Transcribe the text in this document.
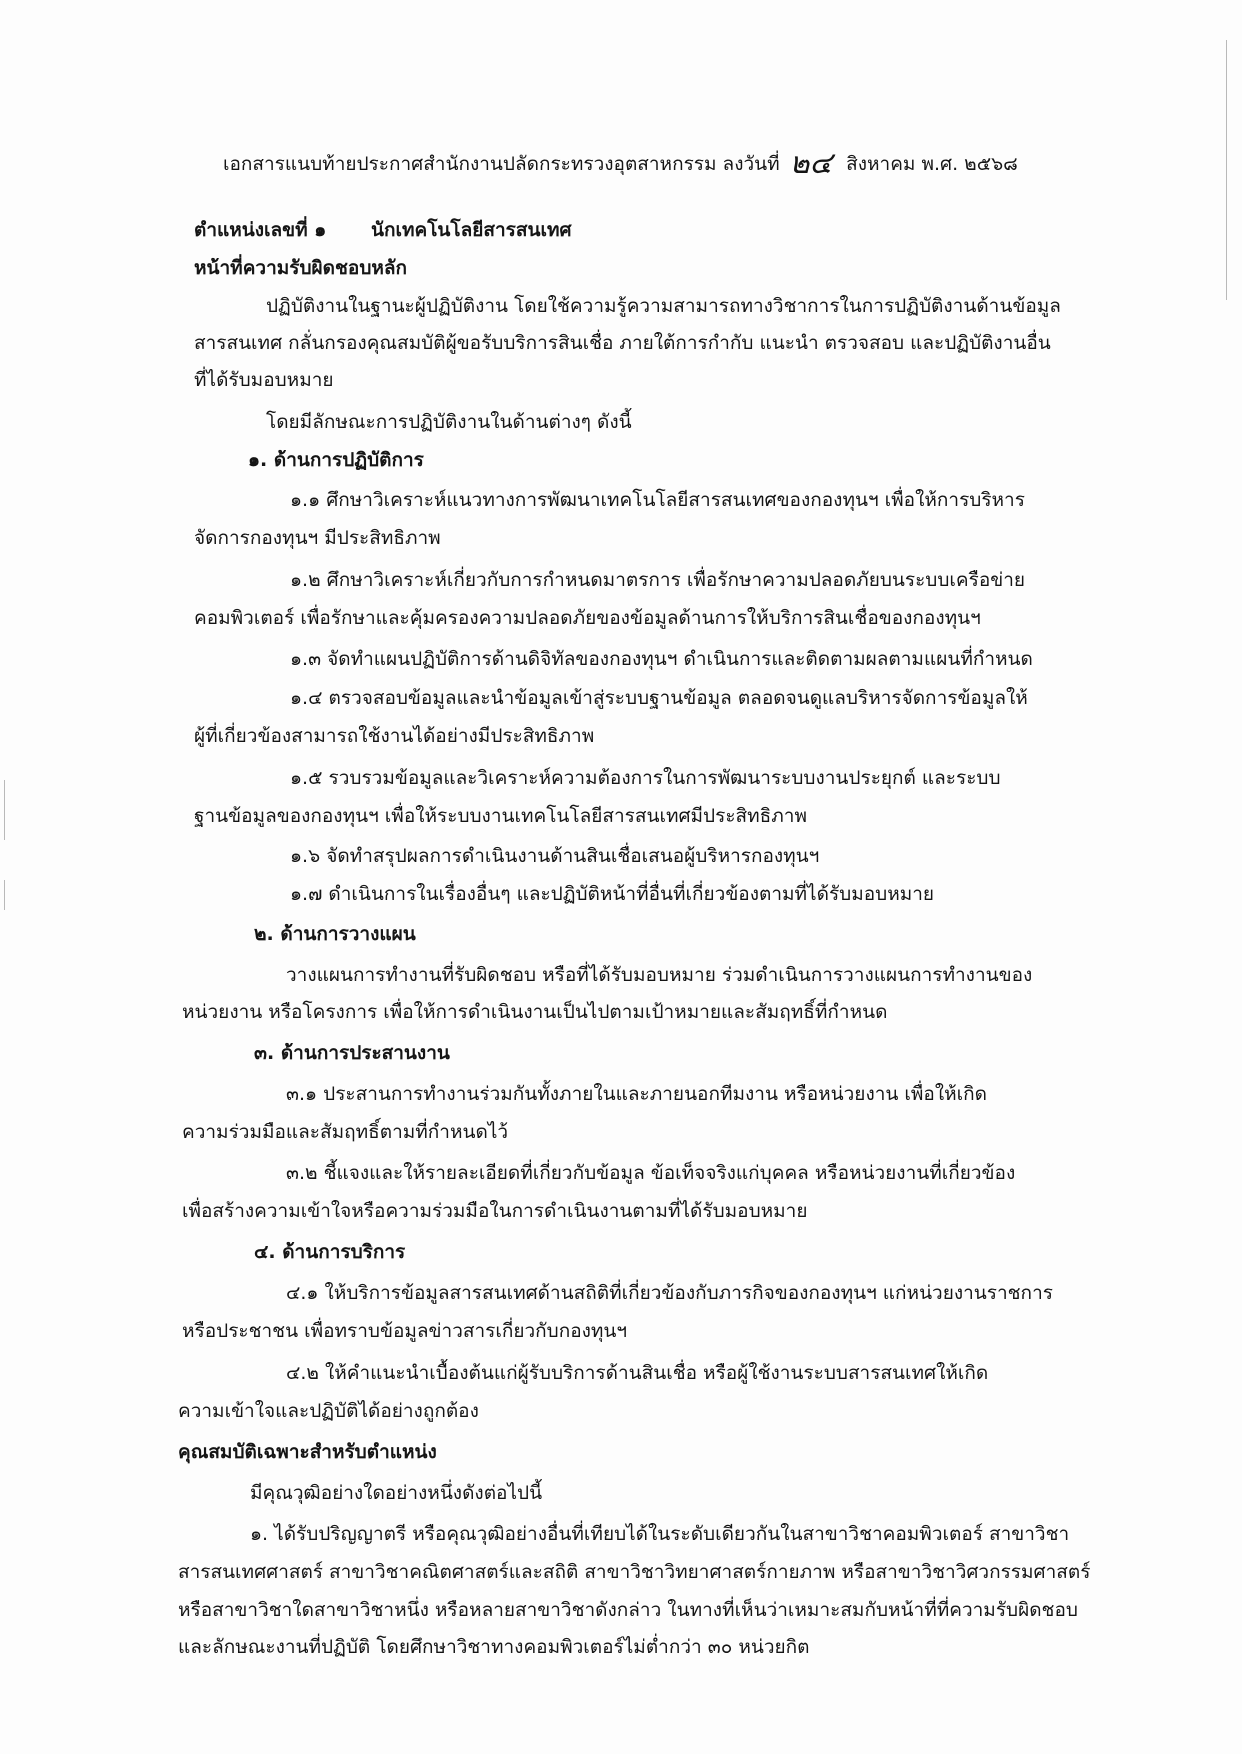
เอกสารแนบท้ายประกาศสำนักงานปลัดกระทรวงอุตสาหกรรม ลงวันที่ ๒๔ สิงหาคม พ.ศ. ๒๕๖๘
ตำแหน่งเลขที่ ๑ นักเทคโนโลยีสารสนเทศ
หน้าที่ความรับผิดชอบหลัก
ปฏิบัติงานในฐานะผู้ปฏิบัติงาน โดยใช้ความรู้ความสามารถทางวิชาการในการปฏิบัติงานด้านข้อมูล
สารสนเทศ กลั่นกรองคุณสมบัติผู้ขอรับบริการสินเชื่อ ภายใต้การกำกับ แนะนำ ตรวจสอบ และปฏิบัติงานอื่น
ที่ได้รับมอบหมาย
โดยมีลักษณะการปฏิบัติงานในด้านต่างๆ ดังนี้
๑. ด้านการปฏิบัติการ
๑.๑ ศึกษาวิเคราะห์แนวทางการพัฒนาเทคโนโลยีสารสนเทศของกองทุนฯ เพื่อให้การบริหาร
จัดการกองทุนฯ มีประสิทธิภาพ
๑.๒ ศึกษาวิเคราะห์เกี่ยวกับการกำหนดมาตรการ เพื่อรักษาความปลอดภัยบนระบบเครือข่าย
คอมพิวเตอร์ เพื่อรักษาและคุ้มครองความปลอดภัยของข้อมูลด้านการให้บริการสินเชื่อของกองทุนฯ
๑.๓ จัดทำแผนปฏิบัติการด้านดิจิทัลของกองทุนฯ ดำเนินการและติดตามผลตามแผนที่กำหนด
๑.๔ ตรวจสอบข้อมูลและนำข้อมูลเข้าสู่ระบบฐานข้อมูล ตลอดจนดูแลบริหารจัดการข้อมูลให้
ผู้ที่เกี่ยวข้องสามารถใช้งานได้อย่างมีประสิทธิภาพ
๑.๕ รวบรวมข้อมูลและวิเคราะห์ความต้องการในการพัฒนาระบบงานประยุกต์ และระบบ
ฐานข้อมูลของกองทุนฯ เพื่อให้ระบบงานเทคโนโลยีสารสนเทศมีประสิทธิภาพ
๑.๖ จัดทำสรุปผลการดำเนินงานด้านสินเชื่อเสนอผู้บริหารกองทุนฯ
๑.๗ ดำเนินการในเรื่องอื่นๆ และปฏิบัติหน้าที่อื่นที่เกี่ยวข้องตามที่ได้รับมอบหมาย
๒. ด้านการวางแผน
วางแผนการทำงานที่รับผิดชอบ หรือที่ได้รับมอบหมาย ร่วมดำเนินการวางแผนการทำงานของ
หน่วยงาน หรือโครงการ เพื่อให้การดำเนินงานเป็นไปตามเป้าหมายและสัมฤทธิ์ที่กำหนด
๓. ด้านการประสานงาน
๓.๑ ประสานการทำงานร่วมกันทั้งภายในและภายนอกทีมงาน หรือหน่วยงาน เพื่อให้เกิด
ความร่วมมือและสัมฤทธิ์ตามที่กำหนดไว้
๓.๒ ชี้แจงและให้รายละเอียดที่เกี่ยวกับข้อมูล ข้อเท็จจริงแก่บุคคล หรือหน่วยงานที่เกี่ยวข้อง
เพื่อสร้างความเข้าใจหรือความร่วมมือในการดำเนินงานตามที่ได้รับมอบหมาย
๔. ด้านการบริการ
๔.๑ ให้บริการข้อมูลสารสนเทศด้านสถิติที่เกี่ยวข้องกับภารกิจของกองทุนฯ แก่หน่วยงานราชการ
หรือประชาชน เพื่อทราบข้อมูลข่าวสารเกี่ยวกับกองทุนฯ
๔.๒ ให้คำแนะนำเบื้องต้นแก่ผู้รับบริการด้านสินเชื่อ หรือผู้ใช้งานระบบสารสนเทศให้เกิด
ความเข้าใจและปฏิบัติได้อย่างถูกต้อง
คุณสมบัติเฉพาะสำหรับตำแหน่ง
มีคุณวุฒิอย่างใดอย่างหนึ่งดังต่อไปนี้
๑. ได้รับปริญญาตรี หรือคุณวุฒิอย่างอื่นที่เทียบได้ในระดับเดียวกันในสาขาวิชาคอมพิวเตอร์ สาขาวิชา
สารสนเทศศาสตร์ สาขาวิชาคณิตศาสตร์และสถิติ สาขาวิชาวิทยาศาสตร์กายภาพ หรือสาขาวิชาวิศวกรรมศาสตร์
หรือสาขาวิชาใดสาขาวิชาหนึ่ง หรือหลายสาขาวิชาดังกล่าว ในทางที่เห็นว่าเหมาะสมกับหน้าที่ที่ความรับผิดชอบ
และลักษณะงานที่ปฏิบัติ โดยศึกษาวิชาทางคอมพิวเตอร์ไม่ต่ำกว่า ๓๐ หน่วยกิต
